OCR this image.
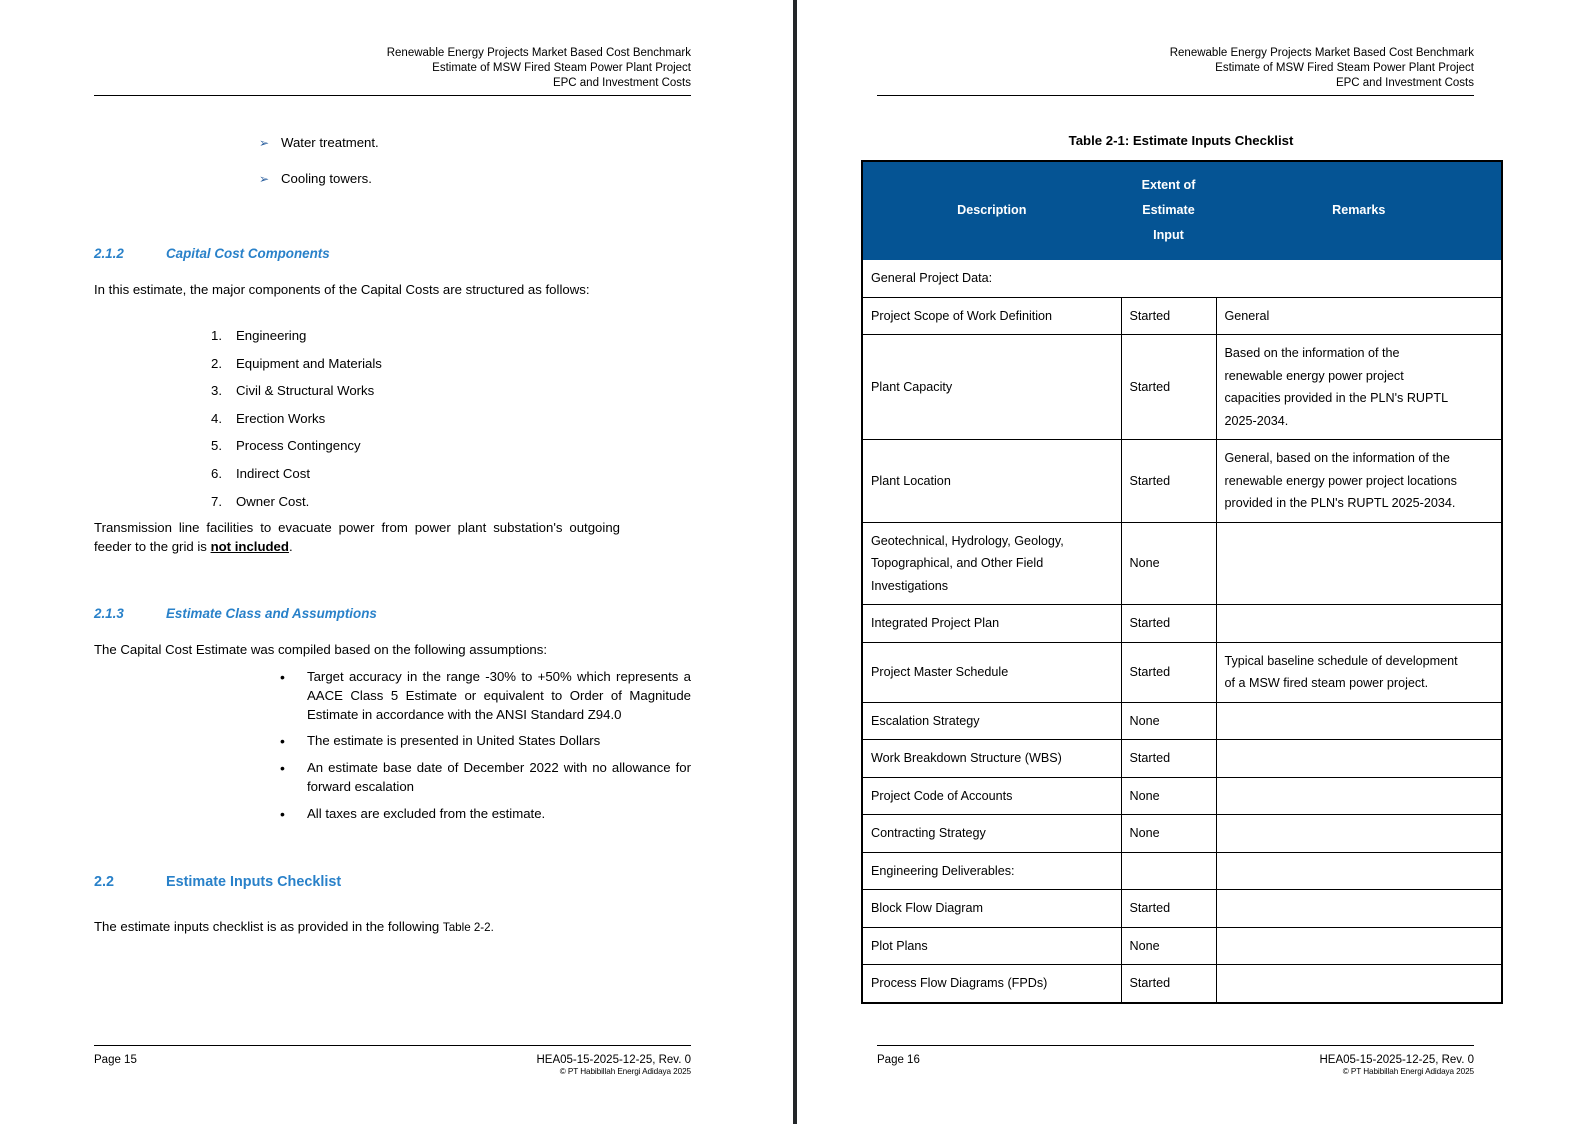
Renewable Energy Projects Market Based Cost Benchmark
Estimate of MSW Fired Steam Power Plant Project
EPC and Investment Costs
➢ Water treatment.
➢ Cooling towers.
2.1.2	Capital Cost Components

In this estimate, the major components of the Capital Costs are structured as follows:

1.	Engineering
2.	Equipment and Materials
3.	Civil & Structural Works
4.	Erection Works
5.	Process Contingency
6.	Indirect Cost
7.	Owner Cost.

Transmission line facilities to evacuate power from power plant substation's outgoing feeder to the grid is not included.

2.1.3	Estimate Class and Assumptions

The Capital Cost Estimate was compiled based on the following assumptions:

•	Target accuracy in the range -30% to +50% which represents a AACE Class 5 Estimate or equivalent to Order of Magnitude Estimate in accordance with the ANSI Standard Z94.0
•	The estimate is presented in United States Dollars
•	An estimate base date of December 2022 with no allowance for forward escalation
•	All taxes are excluded from the estimate.
2.2	Estimate Inputs Checklist

The estimate inputs checklist is as provided in the following Table 2-2.

Page 15	HEA05-15-2025-12-25, Rev. 0
© PT Habibillah Energi Adidaya 2025
Renewable Energy Projects Market Based Cost Benchmark
Estimate of MSW Fired Steam Power Plant Project
EPC and Investment Costs
Table 2-1: Estimate Inputs Checklist
Description	Extent of Estimate Input	Remarks
General Project Data:		
Project Scope of Work Definition	Started	General
Plant Capacity	Started	Based on the information of the
renewable energy power project
capacities provided in the PLN's RUPTL
2025-2034.

Plant Location	Started	General, based on the information of the
renewable energy power project locations
provided in the PLN's RUPTL 2025-2034.

Geotechnical, Hydrology, Geology, Topographical, and Other Field Investigations	None	
Integrated Project Plan	Started	
Project Master Schedule	Started	Typical baseline schedule of development
of a MSW fired steam power project.

Escalation Strategy	None	
Work Breakdown Structure (WBS)	Started	
Project Code of Accounts	None	
Contracting Strategy	None	
Engineering Deliverables:		
Block Flow Diagram	Started	
Plot Plans	None	
Process Flow Diagrams (FPDs)	Started	
Page 16	HEA05-15-2025-12-25, Rev. 0
© PT Habibillah Energi Adidaya 2025
